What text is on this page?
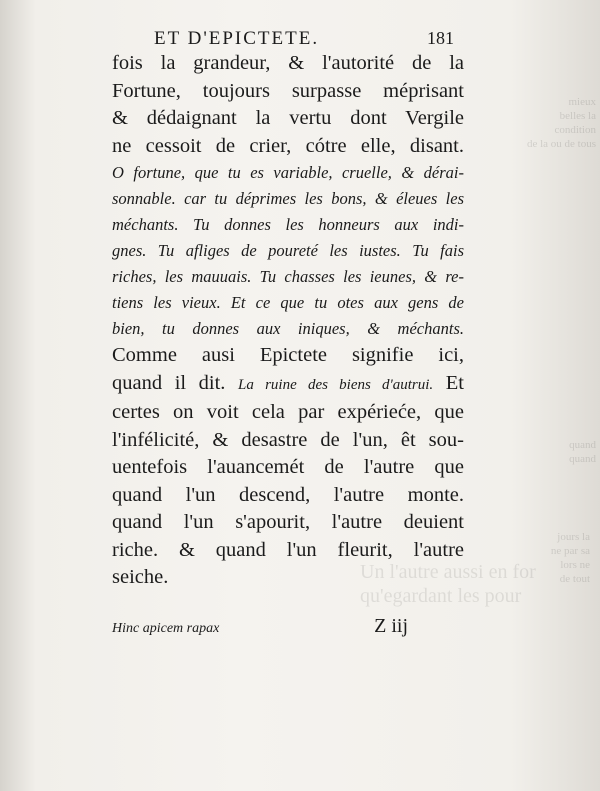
mieux
belles la
condition
de la ou de tous
quand
quand
jours la
ne par sa
lors ne
de tout
Un l'autre aussi en for
qu'egardant les pour
ET D'EPICTETE.	181
fois la grandeur, & l'autorité de la
Fortune, toujours surpasse méprisant
& dédaignant la vertu dont Vergile
ne cessoit de crier, cótre elle, disant.
O fortune, que tu es variable, cruelle, & dérai-
sonnable. car tu déprimes les bons, & éleues les
méchants. Tu donnes les honneurs aux indi-
gnes. Tu afliges de poureté les iustes. Tu fais
riches, les mauuais. Tu chasses les ieunes, & re-
tiens les vieux. Et ce que tu otes aux gens de
bien, tu donnes aux iniques, & méchants.
Comme ausi Epictete signifie ici,
quand il dit. La ruine des biens d'autrui. Et
certes on voit cela par expérieće, que
l'infélicité, & desastre de l'un, êt sou-
uentefois l'auancemét de l'autre que
quand l'un descend, l'autre monte.
quand l'un s'apourit, l'autre deuient
riche. & quand l'un fleurit, l'autre
seiche.
Hinc apicem rapax	Z iij
